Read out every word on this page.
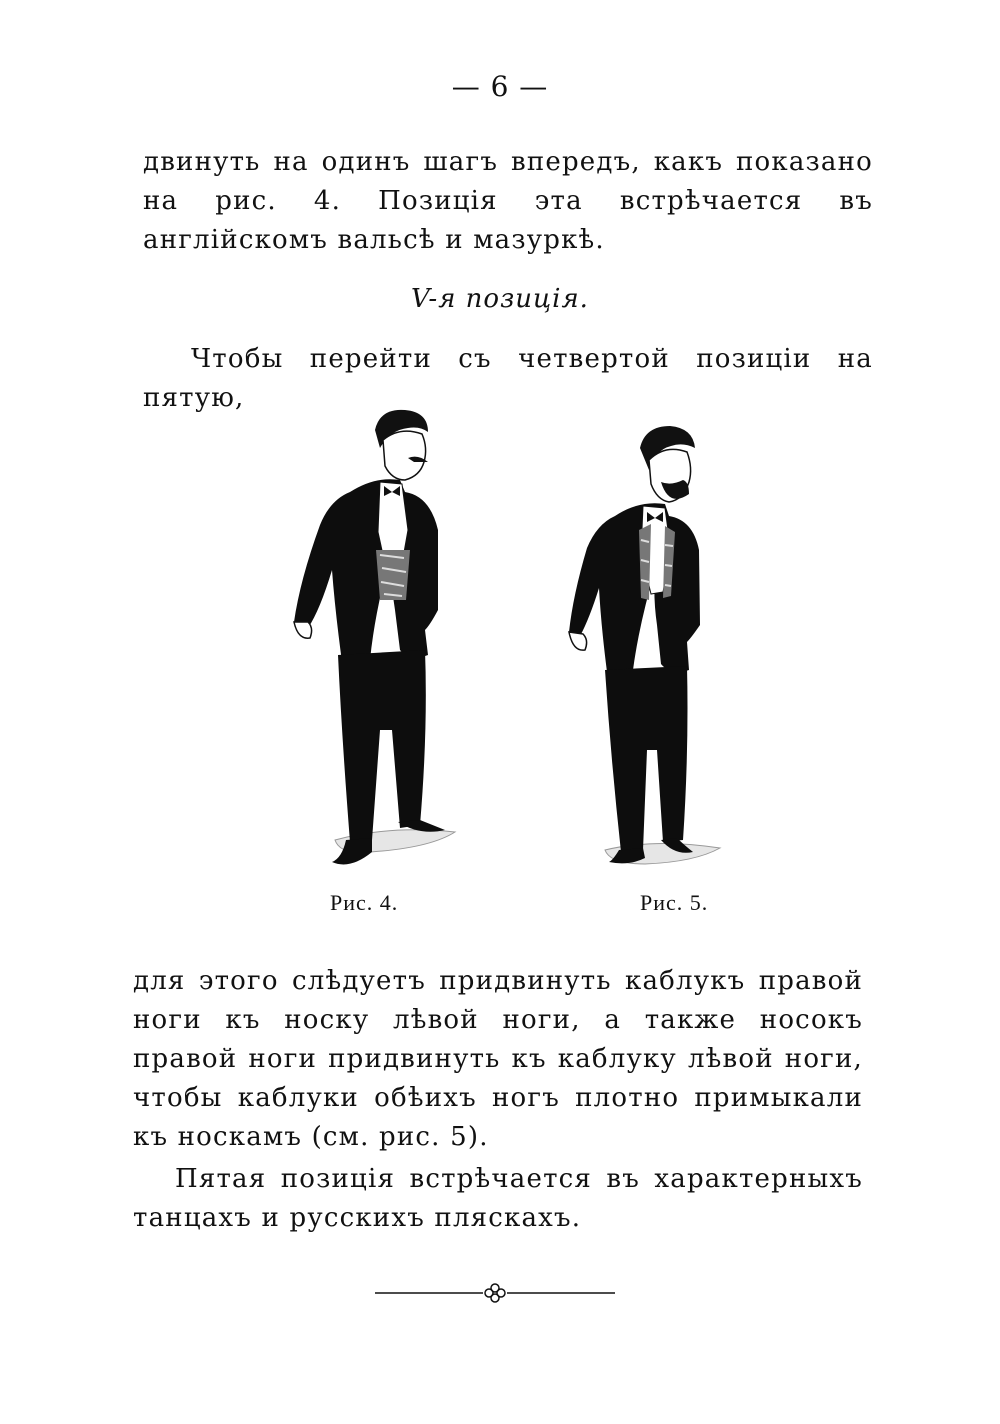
— 6 —

двинуть на одинъ шагъ впередъ, какъ показано на рис. 4. Позиція эта встрѣчается въ англійскомъ вальсѣ и мазуркѣ.

V-я позиція.

Чтобы перейти съ четвертой позиціи на пятую,

Рис. 4.	Рис. 5.

для этого слѣдуетъ придвинуть каблукъ правой ноги къ носку лѣвой ноги, а также носокъ правой ноги придвинуть къ каблуку лѣвой ноги, чтобы каблуки обѣихъ ногъ плотно примыкали къ носкамъ (см. рис. 5).

Пятая позиція встрѣчается въ характерныхъ танцахъ и русскихъ пляскахъ.
